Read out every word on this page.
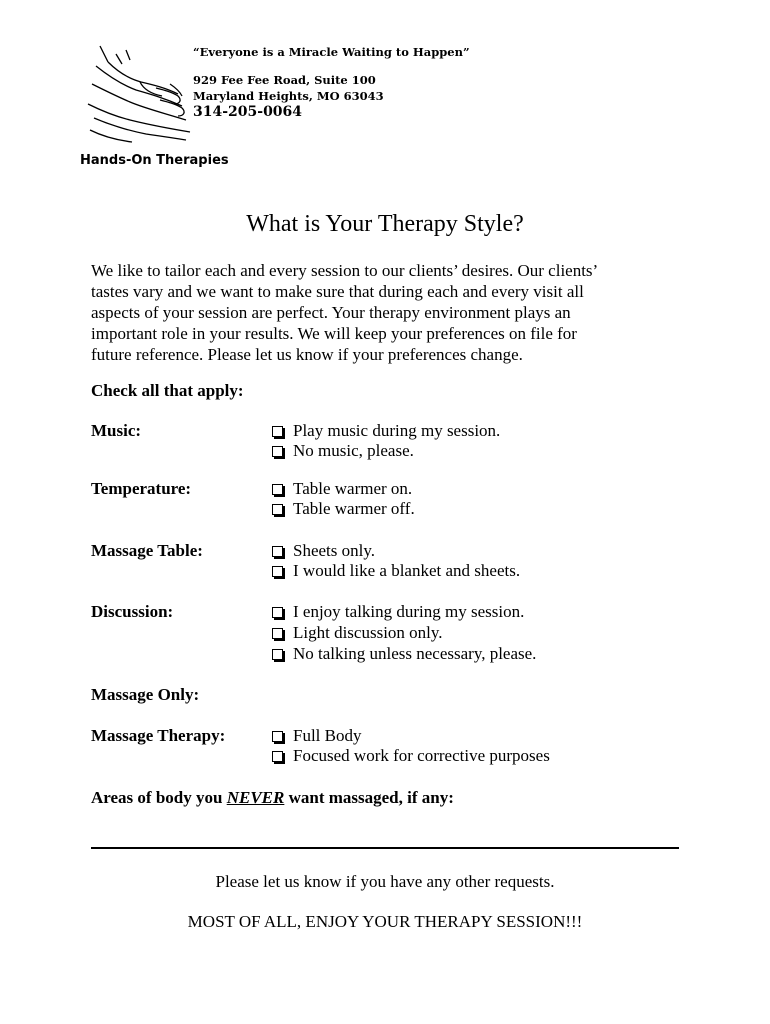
“Everyone is a Miracle Waiting to Happen”
929 Fee Fee Road, Suite 100
Maryland Heights, MO 63043
314-205-0064
Hands-On Therapies
What is Your Therapy Style?
We like to tailor each and every session to our clients’ desires. Our clients’
tastes vary and we want to make sure that during each and every visit all
aspects of your session are perfect. Your therapy environment plays an
important role in your results. We will keep your preferences on file for
future reference. Please let us know if your preferences change.
Check all that apply:
Music:	Play music during my session.
No music, please.
Temperature:	Table warmer on.
Table warmer off.
Massage Table:	Sheets only.
I would like a blanket and sheets.
Discussion:	I enjoy talking during my session.
Light discussion only.
No talking unless necessary, please.
Massage Only:
Massage Therapy:	Full Body
Focused work for corrective purposes
Areas of body you NEVER want massaged, if any:
Please let us know if you have any other requests.
MOST OF ALL, ENJOY YOUR THERAPY SESSION!!!
